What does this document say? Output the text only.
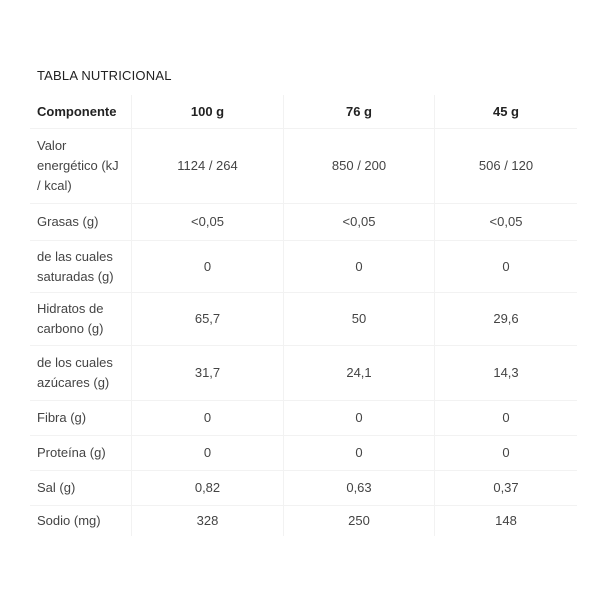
TABLA NUTRICIONAL
Componente	100 g	76 g	45 g
Valor energético (kJ / kcal)	1124 / 264	850 / 200	506 / 120
Grasas (g)	<0,05	<0,05	<0,05
de las cuales saturadas (g)	0	0	0
Hidratos de carbono (g)	65,7	50	29,6
de los cuales azúcares (g)	31,7	24,1	14,3
Fibra (g)	0	0	0
Proteína (g)	0	0	0
Sal (g)	0,82	0,63	0,37
Sodio (mg)	328	250	148
